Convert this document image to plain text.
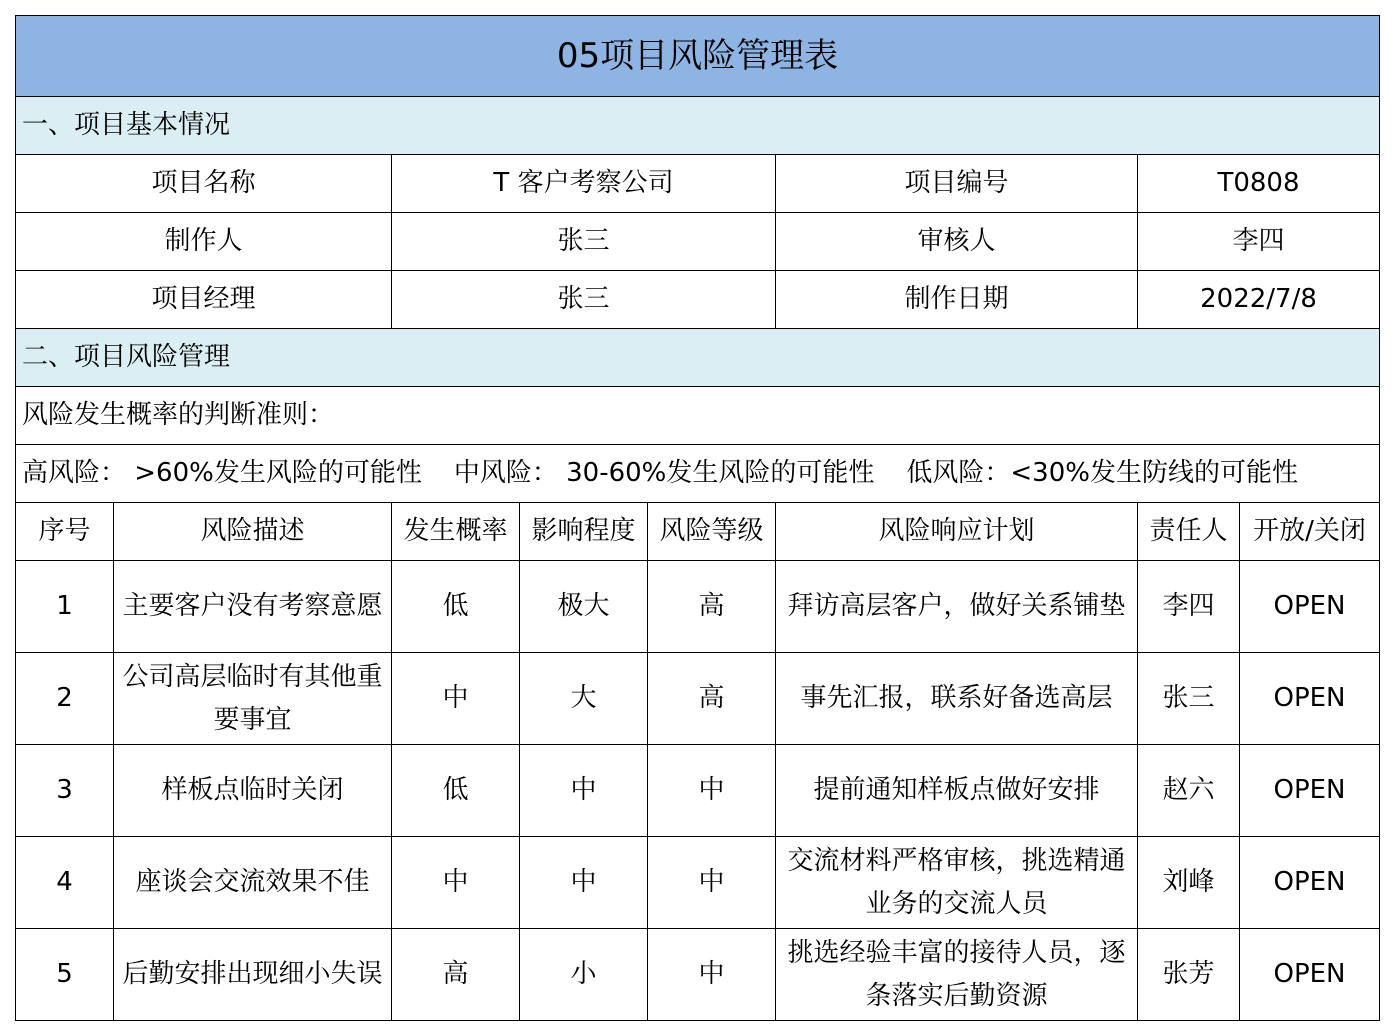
05项目风险管理表							
一、项目基本情况							
项目名称		T 客户考察公司			项目编号	T0808	
制作人		张三			审核人	李四	
项目经理		张三			制作日期	2022/7/8	
二、项目风险管理							
风险发生概率的判断准则：							
高风险： >60%发生风险的可能性 中风险： 30-60%发生风险的可能性 低风险：<30%发生防线的可能性							
序号	风险描述	发生概率	影响程度	风险等级	风险响应计划	责任人	开放/关闭
1	主要客户没有考察意愿	低	极大	高	拜访高层客户，做好关系铺垫	李四	OPEN
2	公司高层临时有其他重要事宜	中	大	高	事先汇报，联系好备选高层	张三	OPEN
3	样板点临时关闭	低	中	中	提前通知样板点做好安排	赵六	OPEN
4	座谈会交流效果不佳	中	中	中	交流材料严格审核，挑选精通业务的交流人员	刘峰	OPEN
5	后勤安排出现细小失误	高	小	中	挑选经验丰富的接待人员，逐条落实后勤资源	张芳	OPEN
